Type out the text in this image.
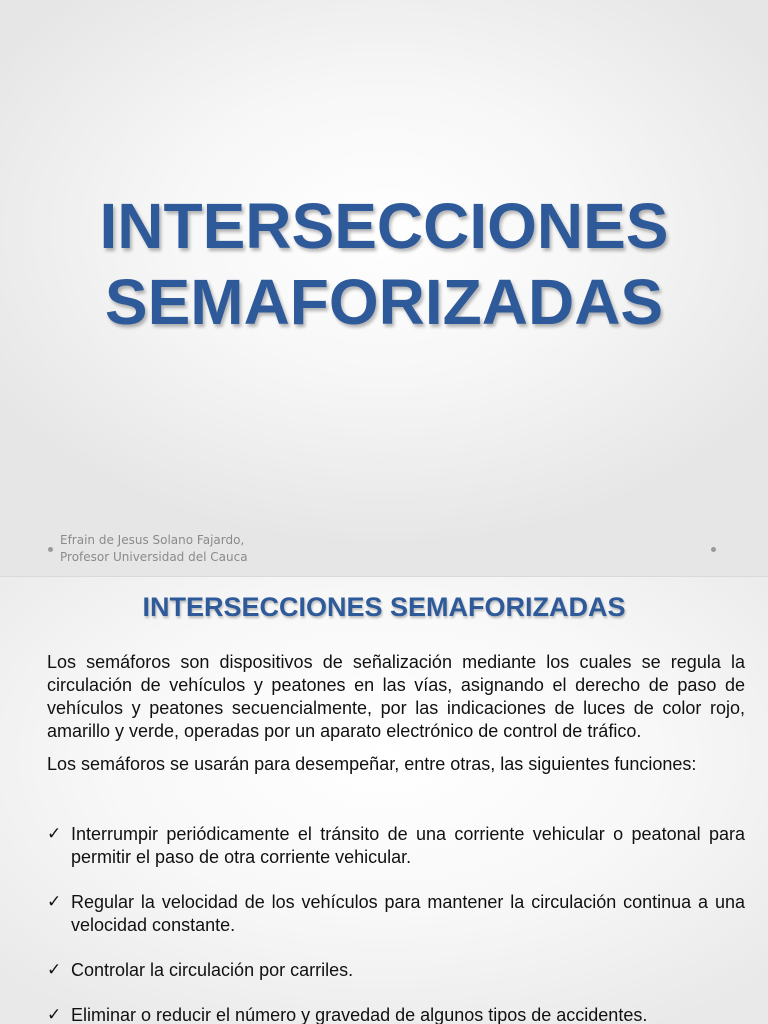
INTERSECCIONES
SEMAFORIZADAS
Efrain de Jesus Solano Fajardo,
Profesor Universidad del Cauca
INTERSECCIONES SEMAFORIZADAS

Los semáforos son dispositivos de señalización mediante los cuales se regula la circulación de vehículos y peatones en las vías, asignando el derecho de paso de vehículos y peatones secuencialmente, por las indicaciones de luces de color rojo, amarillo y verde, operadas por un aparato electrónico de control de tráfico.

Los semáforos se usarán para desempeñar, entre otras, las siguientes funciones:

✓ Interrumpir periódicamente el tránsito de una corriente vehicular o peatonal para permitir el paso de otra corriente vehicular.
✓ Regular la velocidad de los vehículos para mantener la circulación continua a una velocidad constante.
✓ Controlar la circulación por carriles.
✓ Eliminar o reducir el número y gravedad de algunos tipos de accidentes.
